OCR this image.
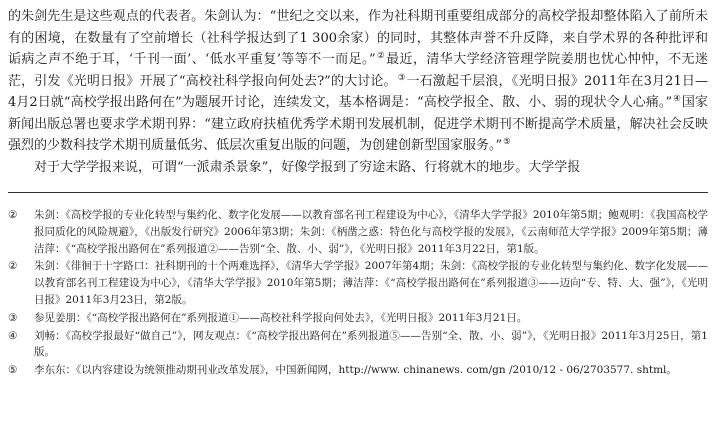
的朱剑先生是这些观点的代表者。朱剑认为：“世纪之交以来，作为社科期刊重要组成部分的高校学报却整体陷入了前所未有的困境，在数量有了空前增长（社科学报达到了1 300余家）的同时，其整体声誉不升反降，来自学术界的各种批评和诟病之声不绝于耳，‘千刊一面’、‘低水平重复’等等不一而足。”②最近，清华大学经济管理学院姜朋也忧心忡忡，不无迷茫，引发《光明日报》开展了“高校社科学报向何处去?”的大讨论。③一石激起千层浪，《光明日报》2011年在3月21日—4月2日就“高校学报出路何在”为题展开讨论，连续发文，基本格调是：“高校学报全、散、小、弱的现状令人心痛。”④国家新闻出版总署也要求学术期刊界：“建立政府扶植优秀学术期刊发展机制，促进学术期刊不断提高学术质量，解决社会反映强烈的少数科技学术期刊质量低劣、低层次重复出版的问题，为创建创新型国家服务。”⑤

对于大学学报来说，可谓“一派肃杀景象”，好像学报到了穷途末路、行将就木的地步。大学学报

②	朱剑：《高校学报的专业化转型与集约化、数字化发展——以教育部名刊工程建设为中心》，《清华大学学报》2010年第5期；鲍观明：《我国高校学报同质化的风险规避》，《出版发行研究》2006年第3期；朱剑：《柄凿之惑：特色化与高校学报的发展》，《云南师范大学学报》2009年第5期；薄洁萍：《“高校学报出路何在”系列报道②——告别“全、散、小、弱”》，《光明日报》2011年3月22日，第1版。
②	朱剑：《徘徊于十字路口：社科期刊的十个两难选择》，《清华大学学报》2007年第4期；朱剑：《高校学报的专业化转型与集约化、数字化发展——以教育部名刊工程建设为中心》，《清华大学学报》2010年第5期；薄洁萍：《“高校学报出路何在”系列报道③——迈向“专、特、大、强”》，《光明日报》2011年3月23日，第2版。
③	参见姜朋：《“高校学报出路何在”系列报道①——高校社科学报向何处去》，《光明日报》2011年3月21日。
④	刘畅：《高校学报最好“做自己”》，网友观点：《“高校学报出路何在”系列报道⑤——告别“全、散、小、弱”》，《光明日报》2011年3月25日，第1版。
⑤	李东东：《以内容建设为统领推动期刊业改革发展》，中国新闻网，http://www. chinanews. com/gn /2010/12 - 06/2703577. shtml。
